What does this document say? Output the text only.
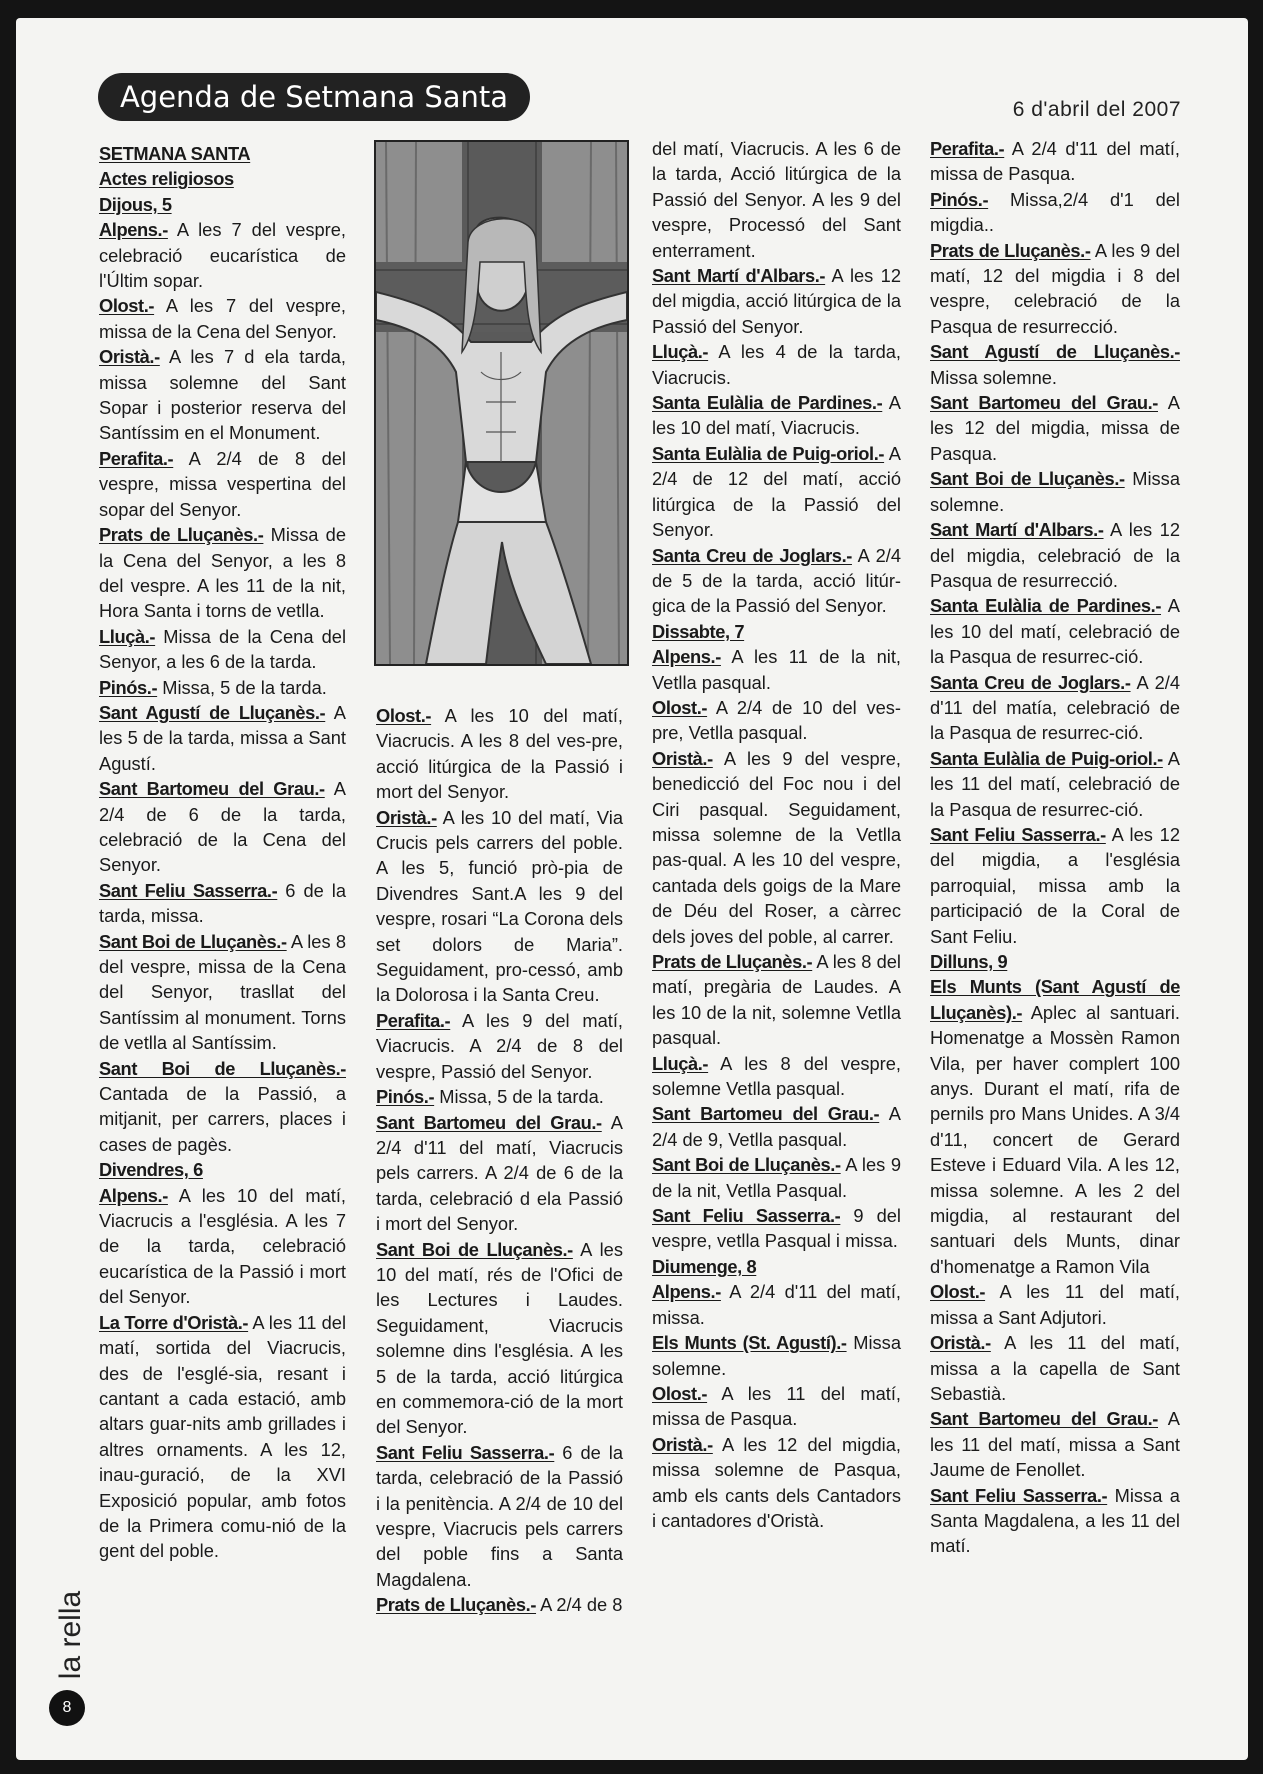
Agenda de Setmana Santa	6 d'abril del 2007

SETMANA SANTA

Actes religiosos

Dijous, 5

Alpens.- A les 7 del vespre, celebració eucarística de l'Últim sopar.

Olost.- A les 7 del vespre, missa de la Cena del Senyor.

Oristà.- A les 7 d ela tarda, missa solemne del Sant Sopar i posterior reserva del Santíssim en el Monument.

Perafita.- A 2/4 de 8 del vespre, missa vespertina del sopar del Senyor.

Prats de Lluçanès.- Missa de la Cena del Senyor, a les 8 del vespre. A les 11 de la nit, Hora Santa i torns de vetlla.

Lluçà.- Missa de la Cena del Senyor, a les 6 de la tarda.

Pinós.- Missa, 5 de la tarda.

Sant Agustí de Lluçanès.- A les 5 de la tarda, missa a Sant Agustí.

Sant Bartomeu del Grau.- A 2/4 de 6 de la tarda, celebració de la Cena del Senyor.

Sant Feliu Sasserra.- 6 de la tarda, missa.

Sant Boi de Lluçanès.- A les 8 del vespre, missa de la Cena del Senyor, trasllat del Santíssim al monument. Torns de vetlla al Santíssim.

Sant Boi de Lluçanès.- Cantada de la Passió, a mitjanit, per carrers, places i cases de pagès.

Divendres, 6

Alpens.- A les 10 del matí, Viacrucis a l'església. A les 7 de la tarda, celebració eucarística de la Passió i mort del Senyor.

La Torre d'Oristà.- A les 11 del matí, sortida del Viacrucis, des de l'esglé-sia, resant i cantant a cada estació, amb altars guar-nits amb grillades i altres ornaments. A les 12, inau-guració, de la XVI Exposició popular, amb fotos de la Primera comu-nió de la gent del poble.

Olost.- A les 10 del matí, Viacrucis. A les 8 del ves-pre, acció litúrgica de la Passió i mort del Senyor.

Oristà.- A les 10 del matí, Via Crucis pels carrers del poble. A les 5, funció prò-pia de Divendres Sant.A les 9 del vespre, rosari “La Corona dels set dolors de Maria”. Seguidament, pro-cessó, amb la Dolorosa i la Santa Creu.

Perafita.- A les 9 del matí, Viacrucis. A 2/4 de 8 del vespre, Passió del Senyor.

Pinós.- Missa, 5 de la tarda.

Sant Bartomeu del Grau.- A 2/4 d'11 del matí, Viacrucis pels carrers. A 2/4 de 6 de la tarda, celebració d ela Passió i mort del Senyor.

Sant Boi de Lluçanès.- A les 10 del matí, rés de l'Ofici de les Lectures i Laudes. Seguidament, Viacrucis solemne dins l'església. A les 5 de la tarda, acció litúrgica en commemora-ció de la mort del Senyor.

Sant Feliu Sasserra.- 6 de la tarda, celebració de la Passió i la penitència. A 2/4 de 10 del vespre, Viacrucis pels carrers del poble fins a Santa Magdalena.

Prats de Lluçanès.- A 2/4 de 8

del matí, Viacrucis. A les 6 de la tarda, Acció litúrgica de la Passió del Senyor. A les 9 del vespre, Processó del Sant enterrament.

Sant Martí d'Albars.- A les 12 del migdia, acció litúrgica de la Passió del Senyor.

Lluçà.- A les 4 de la tarda, Viacrucis.

Santa Eulàlia de Pardines.- A les 10 del matí, Viacrucis.

Santa Eulàlia de Puig-oriol.- A 2/4 de 12 del matí, acció litúrgica de la Passió del Senyor.

Santa Creu de Joglars.- A 2/4 de 5 de la tarda, acció litúr-gica de la Passió del Senyor.

Dissabte, 7

Alpens.- A les 11 de la nit, Vetlla pasqual.

Olost.- A 2/4 de 10 del ves-pre, Vetlla pasqual.

Oristà.- A les 9 del vespre, benedicció del Foc nou i del Ciri pasqual. Seguidament, missa solemne de la Vetlla pas-qual. A les 10 del vespre, cantada dels goigs de la Mare de Déu del Roser, a càrrec dels joves del poble, al carrer.

Prats de Lluçanès.- A les 8 del matí, pregària de Laudes. A les 10 de la nit, solemne Vetlla pasqual.

Lluçà.- A les 8 del vespre, solemne Vetlla pasqual.

Sant Bartomeu del Grau.- A 2/4 de 9, Vetlla pasqual.

Sant Boi de Lluçanès.- A les 9 de la nit, Vetlla Pasqual.

Sant Feliu Sasserra.- 9 del vespre, vetlla Pasqual i missa.

Diumenge, 8

Alpens.- A 2/4 d'11 del matí, missa.

Els Munts (St. Agustí).- Missa solemne.

Olost.- A les 11 del matí, missa de Pasqua.

Oristà.- A les 12 del migdia, missa solemne de Pasqua, amb els cants dels Cantadors i cantadores d'Oristà.

Perafita.- A 2/4 d'11 del matí, missa de Pasqua.

Pinós.- Missa,2/4 d'1 del migdia..

Prats de Lluçanès.- A les 9 del matí, 12 del migdia i 8 del vespre, celebració de la Pasqua de resurrecció.

Sant Agustí de Lluçanès.- Missa solemne.

Sant Bartomeu del Grau.- A les 12 del migdia, missa de Pasqua.

Sant Boi de Lluçanès.- Missa solemne.

Sant Martí d'Albars.- A les 12 del migdia, celebració de la Pasqua de resurrecció.

Santa Eulàlia de Pardines.- A les 10 del matí, celebració de la Pasqua de resurrec-ció.

Santa Creu de Joglars.- A 2/4 d'11 del matía, celebració de la Pasqua de resurrec-ció.

Santa Eulàlia de Puig-oriol.- A les 11 del matí, celebració de la Pasqua de resurrec-ció.

Sant Feliu Sasserra.- A les 12 del migdia, a l'església parroquial, missa amb la participació de la Coral de Sant Feliu.

Dilluns, 9

Els Munts (Sant Agustí de Lluçanès).- Aplec al santuari. Homenatge a Mossèn Ramon Vila, per haver complert 100 anys. Durant el matí, rifa de pernils pro Mans Unides. A 3/4 d'11, concert de Gerard Esteve i Eduard Vila. A les 12, missa solemne. A les 2 del migdia, al restaurant del santuari dels Munts, dinar d'homenatge a Ramon Vila

Olost.- A les 11 del matí, missa a Sant Adjutori.

Oristà.- A les 11 del matí, missa a la capella de Sant Sebastià.

Sant Bartomeu del Grau.- A les 11 del matí, missa a Sant Jaume de Fenollet.

Sant Feliu Sasserra.- Missa a Santa Magdalena, a les 11 del matí.

la rella
8
